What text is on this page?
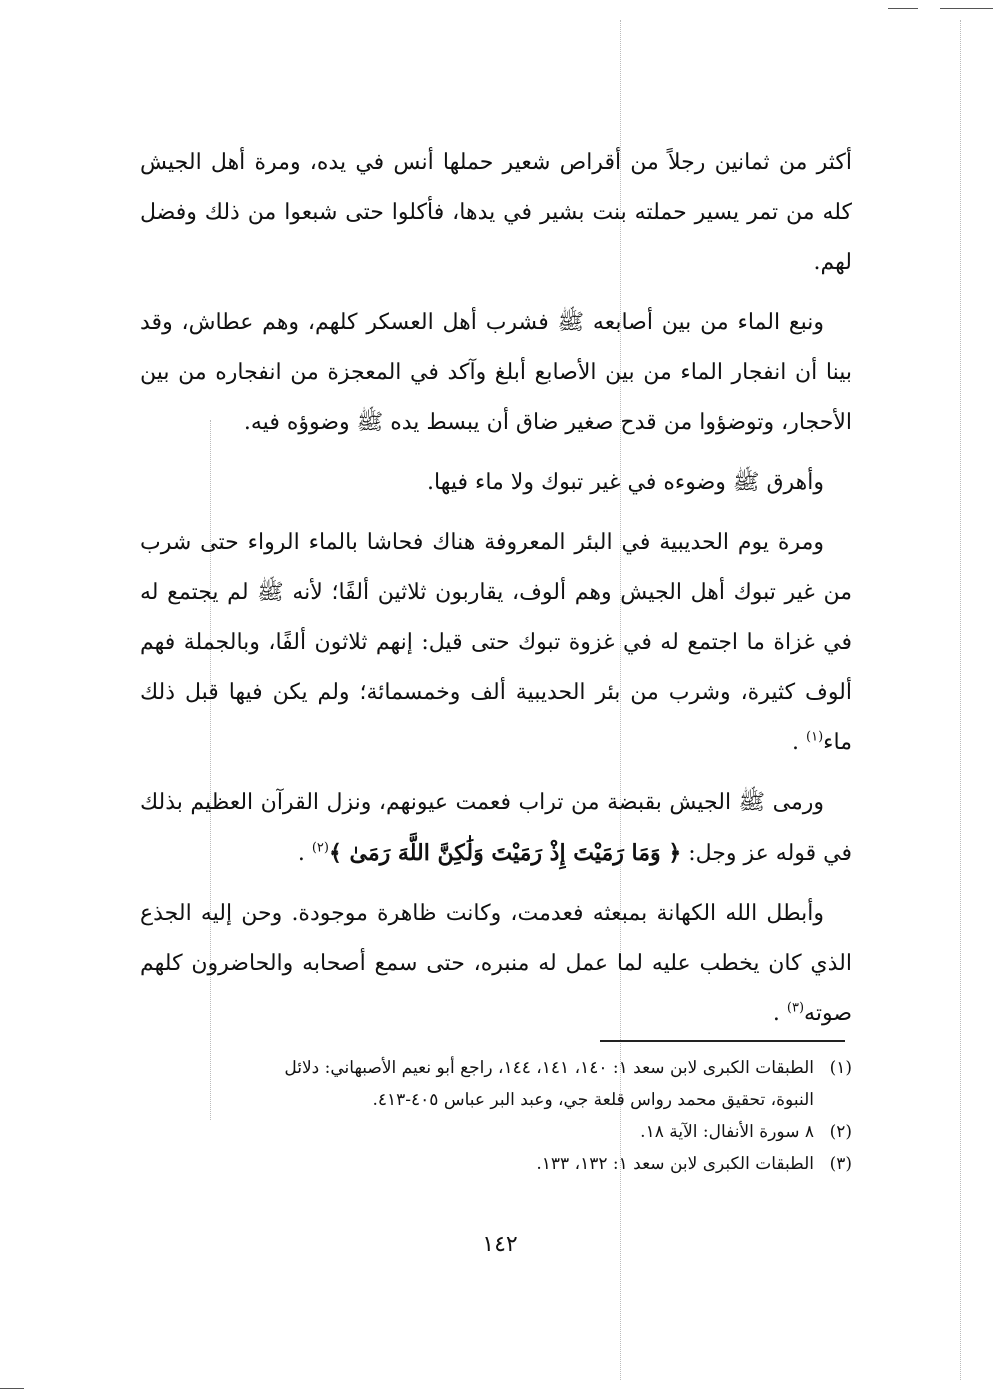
أكثر من ثمانين رجلاً من أقراص شعير حملها أنس في يده، ومرة أهل الجيش كله من تمر يسير حملته بنت بشير في يدها، فأكلوا حتى شبعوا من ذلك وفضل لهم.

ونبع الماء من بين أصابعه ﷺ فشرب أهل العسكر كلهم، وهم عطاش، وقد بينا أن انفجار الماء من بين الأصابع أبلغ وآكد في المعجزة من انفجاره من بين الأحجار، وتوضؤوا من قدح صغير ضاق أن يبسط يده ﷺ وضوؤه فيه.

وأهرق ﷺ وضوءه في غير تبوك ولا ماء فيها.

ومرة يوم الحديبية في البئر المعروفة هناك فحاشا بالماء الرواء حتى شرب من غير تبوك أهل الجيش وهم ألوف، يقاربون ثلاثين ألفًا؛ لأنه ﷺ لم يجتمع له في غزاة ما اجتمع له في غزوة تبوك حتى قيل: إنهم ثلاثون ألفًا، وبالجملة فهم ألوف كثيرة، وشرب من بئر الحديبية ألف وخمسمائة؛ ولم يكن فيها قبل ذلك ماء$^{(١)}$ .

ورمى ﷺ الجيش بقبضة من تراب فعمت عيونهم، ونزل القرآن العظيم بذلك في قوله عز وجل: ﴿ وَمَا رَمَيْتَ إِذْ رَمَيْتَ وَلَٰكِنَّ اللَّهَ رَمَىٰ ﴾$^{(٢)}$ .

وأبطل الله الكهانة بمبعثه فعدمت، وكانت ظاهرة موجودة. وحن إليه الجذع الذي كان يخطب عليه لما عمل له منبره، حتى سمع أصحابه والحاضرون كلهم صوته$^{(٣)}$ .

(١)الطبقات الكبرى لابن سعد ١: ١٤٠، ١٤١، ١٤٤، راجع أبو نعيم الأصبهاني: دلائل

النبوة، تحقيق محمد رواس قلعة جي، وعبد البر عباس ٤٠٥-٤١٣.

(٢)٨ سورة الأنفال: الآية ١٨.

(٣)الطبقات الكبرى لابن سعد ١: ١٣٢، ١٣٣.

١٤٢
